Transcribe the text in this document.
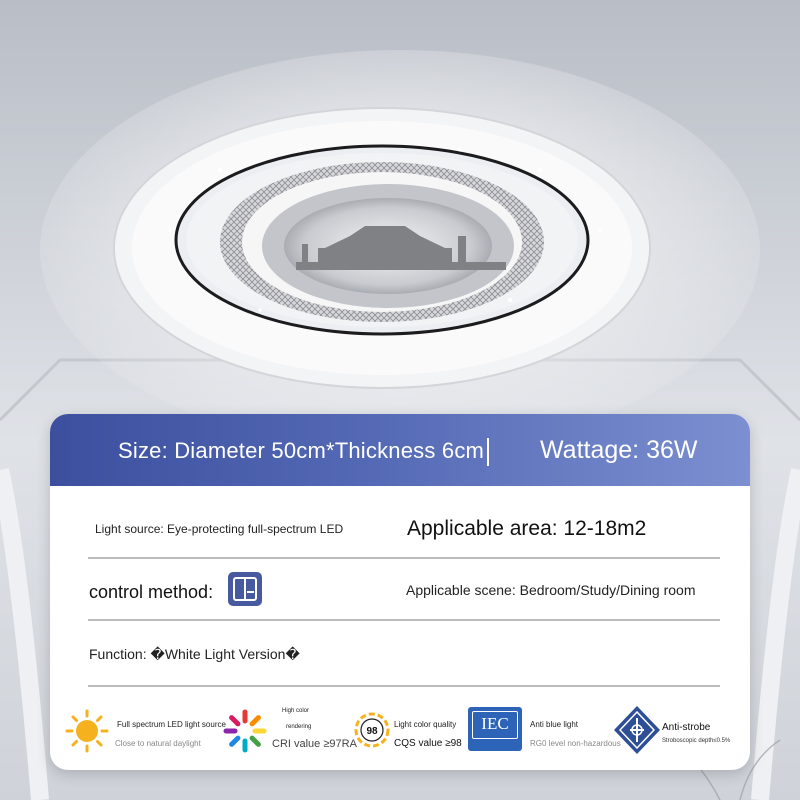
Size: Diameter 50cm*Thickness 6cm Wattage: 36W
Light source: Eye-protecting full-spectrum LED	Applicable area: 12-18m2
control method:	Applicable scene: Bedroom/Study/Dining room
Function: �White Light Version�
Full spectrum LED light source
Close to natural daylight
High color
rendering
CRI value ≥97RA
98
Light color quality
CQS value ≥98
IEC	Anti blue light
RG0 level non-hazardous
Anti-strobe
Stroboscopic depth≤0.5%
